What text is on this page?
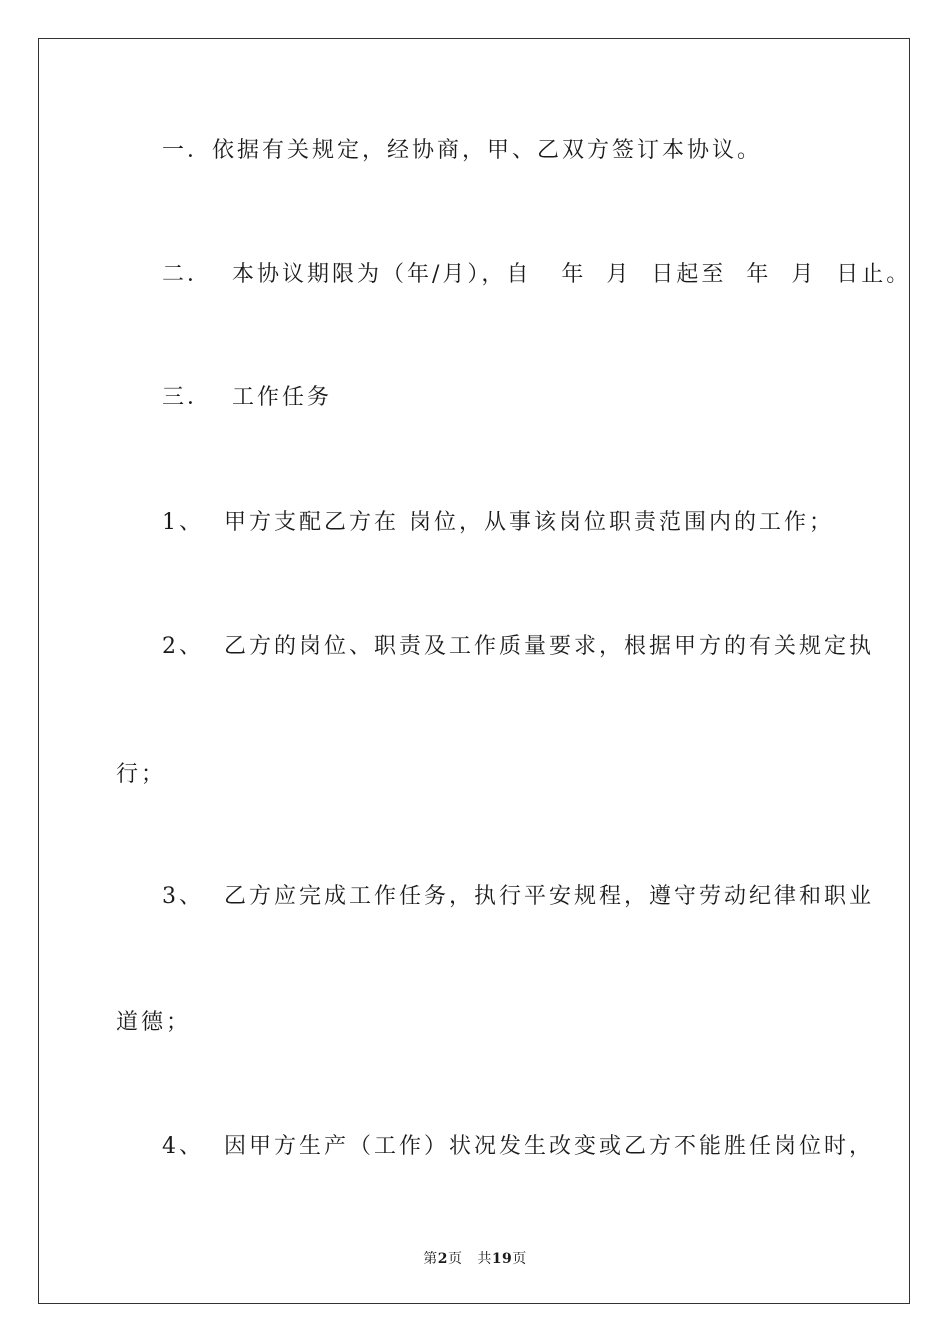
一．依据有关规定，经协商，甲、乙双方签订本协议。
二．  本协议期限为（年/月），自   年  月  日起至  年  月  日止。
三．  工作任务
1、  甲方支配乙方在 岗位，从事该岗位职责范围内的工作；
2、  乙方的岗位、职责及工作质量要求，根据甲方的有关规定执
行；
3、  乙方应完成工作任务，执行平安规程，遵守劳动纪律和职业
道德；
4、  因甲方生产（工作）状况发生改变或乙方不能胜任岗位时，
第2页 共19页
